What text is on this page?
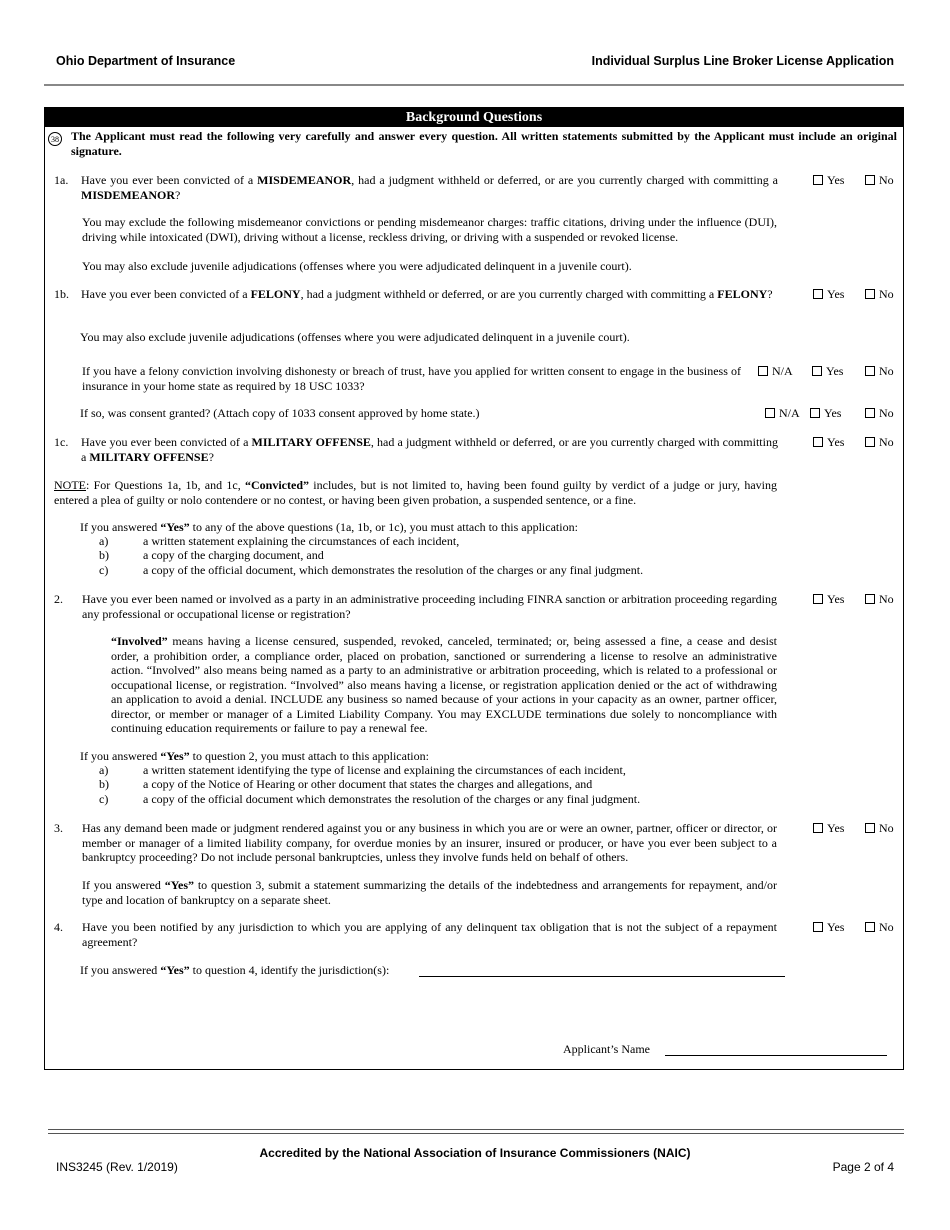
Ohio Department of Insurance	Individual Surplus Line Broker License Application
Background Questions
38 The Applicant must read the following very carefully and answer every question. All written statements submitted by the Applicant must include an original signature.
1a. Have you ever been convicted of a MISDEMEANOR, had a judgment withheld or deferred, or are you currently charged with committing a MISDEMEANOR?
Yes	No
You may exclude the following misdemeanor convictions or pending misdemeanor charges: traffic citations, driving under the influence (DUI), driving while intoxicated (DWI), driving without a license, reckless driving, or driving with a suspended or revoked license.
You may also exclude juvenile adjudications (offenses where you were adjudicated delinquent in a juvenile court).
1b. Have you ever been convicted of a FELONY, had a judgment withheld or deferred, or are you currently charged with committing a FELONY?	Yes	No
You may also exclude juvenile adjudications (offenses where you were adjudicated delinquent in a juvenile court).
If you have a felony conviction involving dishonesty or breach of trust, have you applied for written consent to engage in the business of insurance in your home state as required by 18 USC 1033?
N/A	Yes	No
If so, was consent granted? (Attach copy of 1033 consent approved by home state.)	N/A	Yes	No
1c. Have you ever been convicted of a MILITARY OFFENSE, had a judgment withheld or deferred, or are you currently charged with committing a MILITARY OFFENSE?
Yes	No
NOTE: For Questions 1a, 1b, and 1c, “Convicted” includes, but is not limited to, having been found guilty by verdict of a judge or jury, having entered a plea of guilty or nolo contendere or no contest, or having been given probation, a suspended sentence, or a fine.
If you answered “Yes” to any of the above questions (1a, 1b, or 1c), you must attach to this application:
a)	a written statement explaining the circumstances of each incident,
b)	a copy of the charging document, and
c)	a copy of the official document, which demonstrates the resolution of the charges or any final judgment.
2. Have you ever been named or involved as a party in an administrative proceeding including FINRA sanction or arbitration proceeding regarding any professional or occupational license or registration?
Yes	No
“Involved” means having a license censured, suspended, revoked, canceled, terminated; or, being assessed a fine, a cease and desist order, a prohibition order, a compliance order, placed on probation, sanctioned or surrendering a license to resolve an administrative action. “Involved” also means being named as a party to an administrative or arbitration proceeding, which is related to a professional or occupational license, or registration. “Involved” also means having a license, or registration application denied or the act of withdrawing an application to avoid a denial. INCLUDE any business so named because of your actions in your capacity as an owner, partner officer, director, or member or manager of a Limited Liability Company. You may EXCLUDE terminations due solely to noncompliance with continuing education requirements or failure to pay a renewal fee.
If you answered “Yes” to question 2, you must attach to this application:
a)	a written statement identifying the type of license and explaining the circumstances of each incident,
b)	a copy of the Notice of Hearing or other document that states the charges and allegations, and
c)	a copy of the official document which demonstrates the resolution of the charges or any final judgment.
3. Has any demand been made or judgment rendered against you or any business in which you are or were an owner, partner, officer or director, or member or manager of a limited liability company, for overdue monies by an insurer, insured or producer, or have you ever been subject to a bankruptcy proceeding? Do not include personal bankruptcies, unless they involve funds held on behalf of others.
Yes	No
If you answered “Yes” to question 3, submit a statement summarizing the details of the indebtedness and arrangements for repayment, and/or type and location of bankruptcy on a separate sheet.
4. Have you been notified by any jurisdiction to which you are applying of any delinquent tax obligation that is not the subject of a repayment agreement?
Yes	No
If you answered “Yes” to question 4, identify the jurisdiction(s):
Applicant’s Name
Accredited by the National Association of Insurance Commissioners (NAIC)
INS3245 (Rev. 1/2019)	Page 2 of 4
